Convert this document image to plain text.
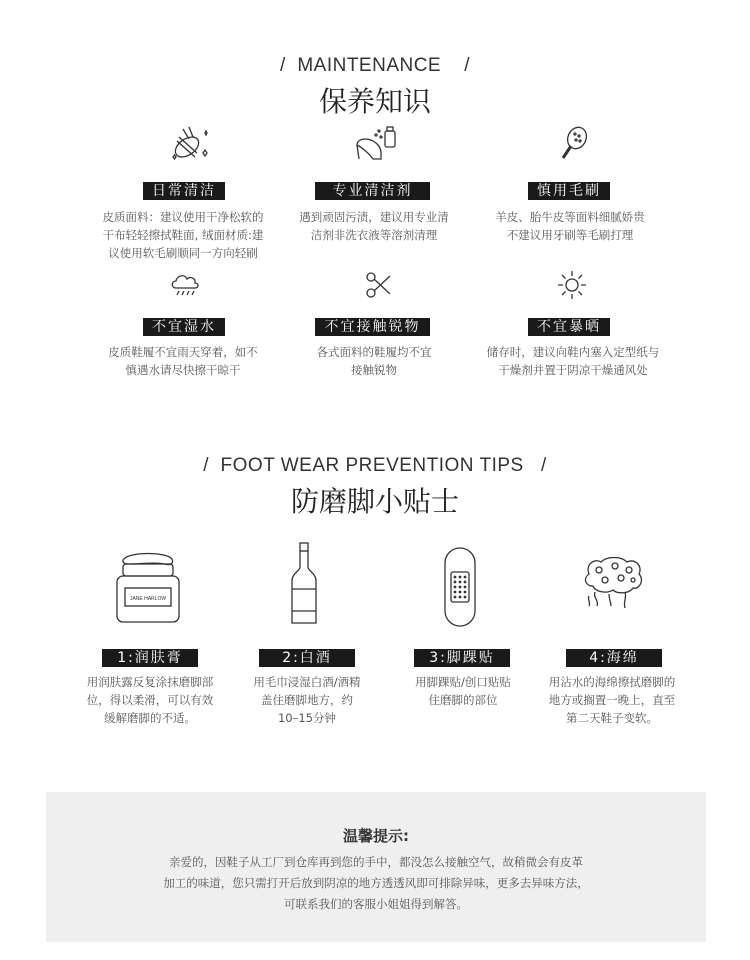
/  MAINTENANCE    /
保养知识
日常清洁	专业清洁剂	慎用毛刷
皮质面料：建议使用干净松软的
干布轻轻擦拭鞋面, 绒面材质:建
议使用软毛刷顺同一方向轻刷
遇到顽固污渍，建议用专业清
洁剂非洗衣液等溶剂清理
羊皮、胎牛皮等面料细腻娇贵
不建议用牙刷等毛刷打理
不宜湿水	不宜接触锐物	不宜暴晒
皮质鞋履不宜雨天穿着，如不
慎遇水请尽快擦干晾干
各式面料的鞋履均不宜
接触锐物
储存时，建议向鞋内塞入定型纸与
干燥剂并置于阴凉干燥通风处
/  FOOT WEAR PREVENTION TIPS   /
防磨脚小贴士
JANE HARLOW
1:润肤膏	2:白酒	3:脚踝贴	4:海绵
用润肤露反复涂抹磨脚部
位，得以柔滑，可以有效
缓解磨脚的不适。
用毛巾浸湿白酒/酒精
盖住磨脚地方，约
10–15分钟
用脚踝贴/创口贴贴
住磨脚的部位
用沾水的海绵擦拭磨脚的
地方或搁置一晚上，直至
第二天鞋子变软。
温馨提示:
亲爱的，因鞋子从工厂到仓库再到您的手中，都没怎么接触空气，故稍微会有皮革
加工的味道，您只需打开后放到阴凉的地方透透风即可排除异味，更多去异味方法，
可联系我们的客服小姐姐得到解答。
